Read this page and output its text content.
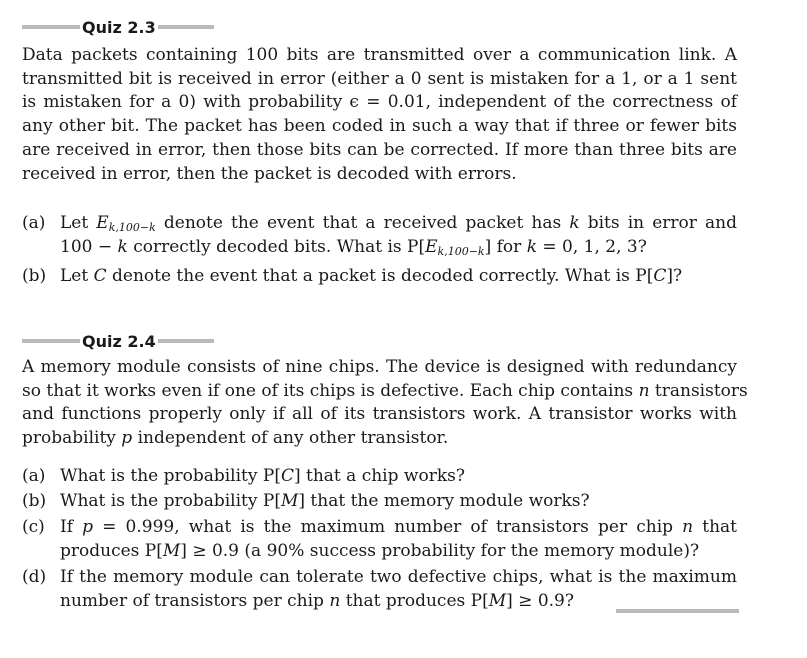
Quiz 2.3
Data packets containing 100 bits are transmitted over a communication link. A
transmitted bit is received in error (either a 0 sent is mistaken for a 1, or a 1 sent
is mistaken for a 0) with probability ϵ = 0.01, independent of the correctness of
any other bit. The packet has been coded in such a way that if three or fewer bits
are received in error, then those bits can be corrected. If more than three bits are
received in error, then the packet is decoded with errors.
(a) Let $E_{k,100-k}$ denote the event that a received packet has k bits in error and
100 − k correctly decoded bits. What is $P[E_{k,100-k}]$ for k = 0, 1, 2, 3?
(b) Let C denote the event that a packet is decoded correctly. What is P[C]?
Quiz 2.4
A memory module consists of nine chips. The device is designed with redundancy
so that it works even if one of its chips is defective. Each chip contains n transistors
and functions properly only if all of its transistors work. A transistor works with
probability p independent of any other transistor.
(a) What is the probability P[C] that a chip works?
(b) What is the probability P[M] that the memory module works?
(c) If p = 0.999, what is the maximum number of transistors per chip n that
produces P[M] ≥ 0.9 (a 90% success probability for the memory module)?
(d) If the memory module can tolerate two defective chips, what is the maximum
number of transistors per chip n that produces P[M] ≥ 0.9?
